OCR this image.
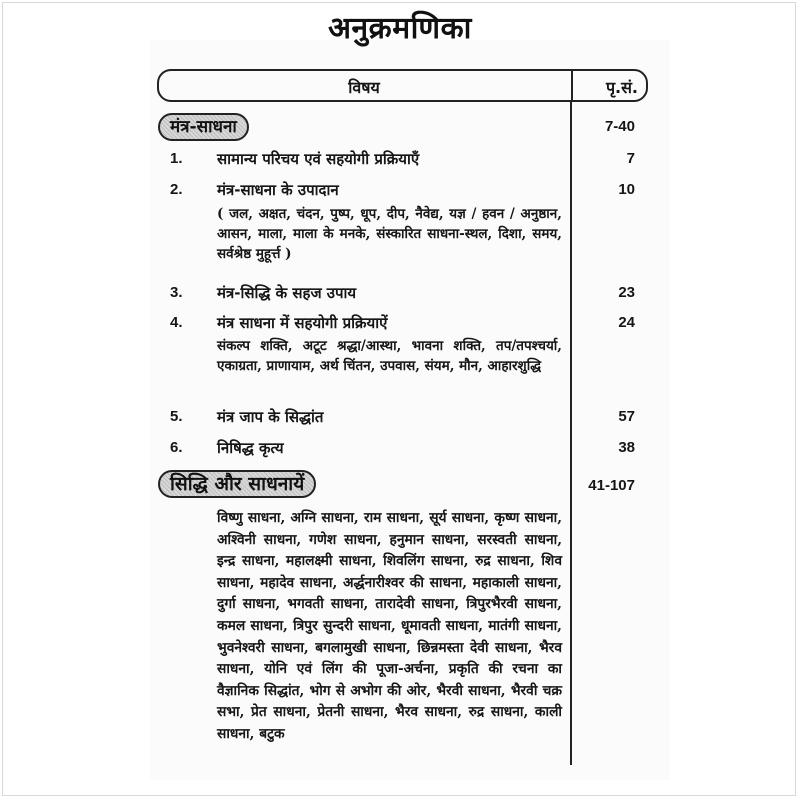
अनुक्रमणिका
विषय	पृ.सं.
मंत्र-साधना	7-40
1. सामान्य परिचय एवं सहयोगी प्रक्रियाएँ	7
2. मंत्र-साधना के उपादान	10
( जल, अक्षत, चंदन, पुष्प, धूप, दीप, नैवेद्य, यज्ञ / हवन / अनुष्ठान, आसन, माला, माला के मनके, संस्कारित साधना-स्थल, दिशा, समय, सर्वश्रेष्ठ मुहूर्त्त )
3. मंत्र-सिद्धि के सहज उपाय	23
4. मंत्र साधना में सहयोगी प्रक्रियाऐं	24
संकल्प शक्ति, अटूट श्रद्धा/आस्था, भावना शक्ति, तप/तपश्चर्या, एकाग्रता, प्राणायाम, अर्थ चिंतन, उपवास, संयम, मौन, आहारशुद्धि
5. मंत्र जाप के सिद्धांत	57
6. निषिद्ध कृत्य	38
सिद्धि और साधनायें	41-107
विष्णु साधना, अग्नि साधना, राम साधना, सूर्य साधना, कृष्ण साधना, अश्विनी साधना, गणेश साधना, हनुमान साधना, सरस्वती साधना, इन्द्र साधना, महालक्ष्मी साधना, शिवलिंग साधना, रुद्र साधना, शिव साधना, महादेव साधना, अर्द्धनारीश्वर की साधना, महाकाली साधना, दुर्गा साधना, भगवती साधना, तारादेवी साधना, त्रिपुरभैरवी साधना, कमल साधना, त्रिपुर सुन्दरी साधना, धूमावती साधना, मातंगी साधना, भुवनेश्वरी साधना, बगलामुखी साधना, छिन्नमस्ता देवी साधना, भैरव साधना, योनि एवं लिंग की पूजा-अर्चना, प्रकृति की रचना का वैज्ञानिक सिद्धांत, भोग से अभोग की ओर, भैरवी साधना, भैरवी चक्र सभा, प्रेत साधना, प्रेतनी साधना, भैरव साधना, रुद्र साधना, काली साधना, बटुक
